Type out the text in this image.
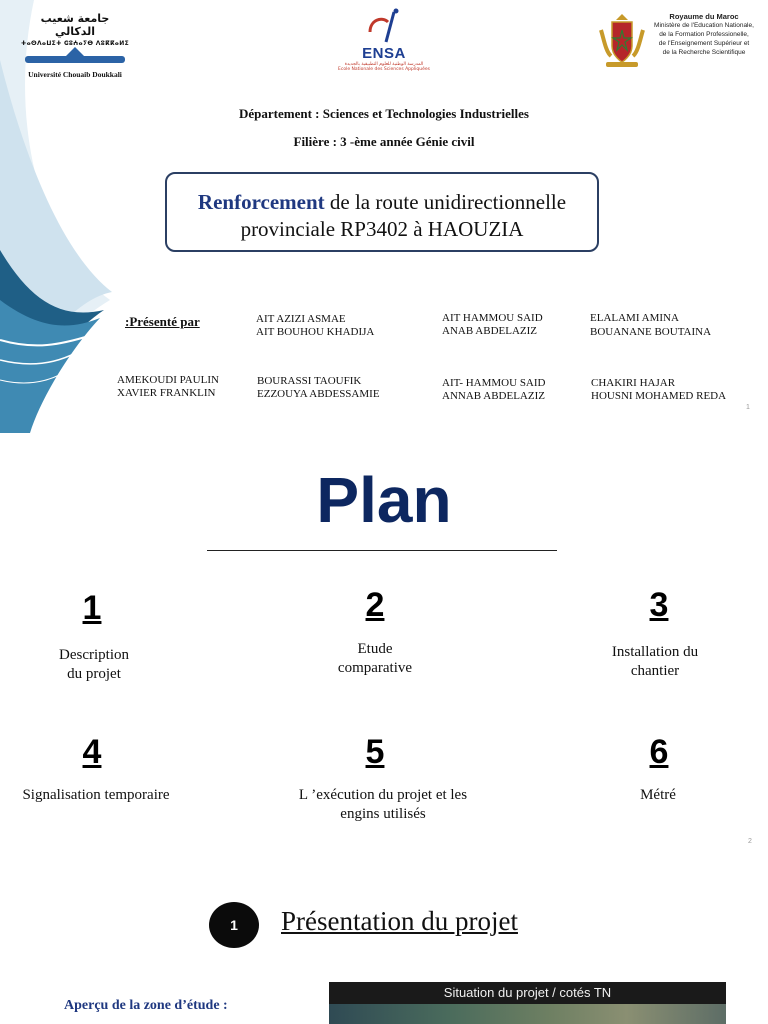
جامعة شعيب الدكالي
ⵜⴰⵙⴷⴰⵡⵉⵜ ⵛⵓⵄⴰⵢⴱ ⴷⵓⴽⴽⴰⵍⵉ
Université Chouaib Doukkali
ENSA
المدرسة الوطنية للعلوم التطبيقية بالجديدة
Ecole Nationale des Sciences Appliquées
Royaume du Maroc
Ministère de l'Education Nationale,
de la Formation Professionelle,
de l'Enseignement Supérieur et
de la Recherche Scientifique
Département : Sciences et Technologies Industrielles
Filière : 3 -ème année Génie civil
Renforcement de la route unidirectionnelle
provinciale RP3402 à HAOUZIA
:Présenté par	AIT AZIZI ASMAE
AIT BOUHOU KHADIJA
AIT HAMMOU SAID
ANAB ABDELAZIZ
ELALAMI AMINA
BOUANANE BOUTAINA
AMEKOUDI PAULIN
XAVIER FRANKLIN
BOURASSI TAOUFIK
EZZOUYA ABDESSAMIE
AIT- HAMMOU SAID
ANNAB ABDELAZIZ
CHAKIRI HAJAR
HOUSNI MOHAMED REDA
1
Plan
1
Description
du projet
2
Etude
comparative
3
Installation du
chantier
4
Signalisation temporaire
5
L ’exécution du projet et les
engins utilisés
6
Métré
2
1	Présentation du projet
Aperçu de la zone d’étude :
Situation du projet / cotés TN
